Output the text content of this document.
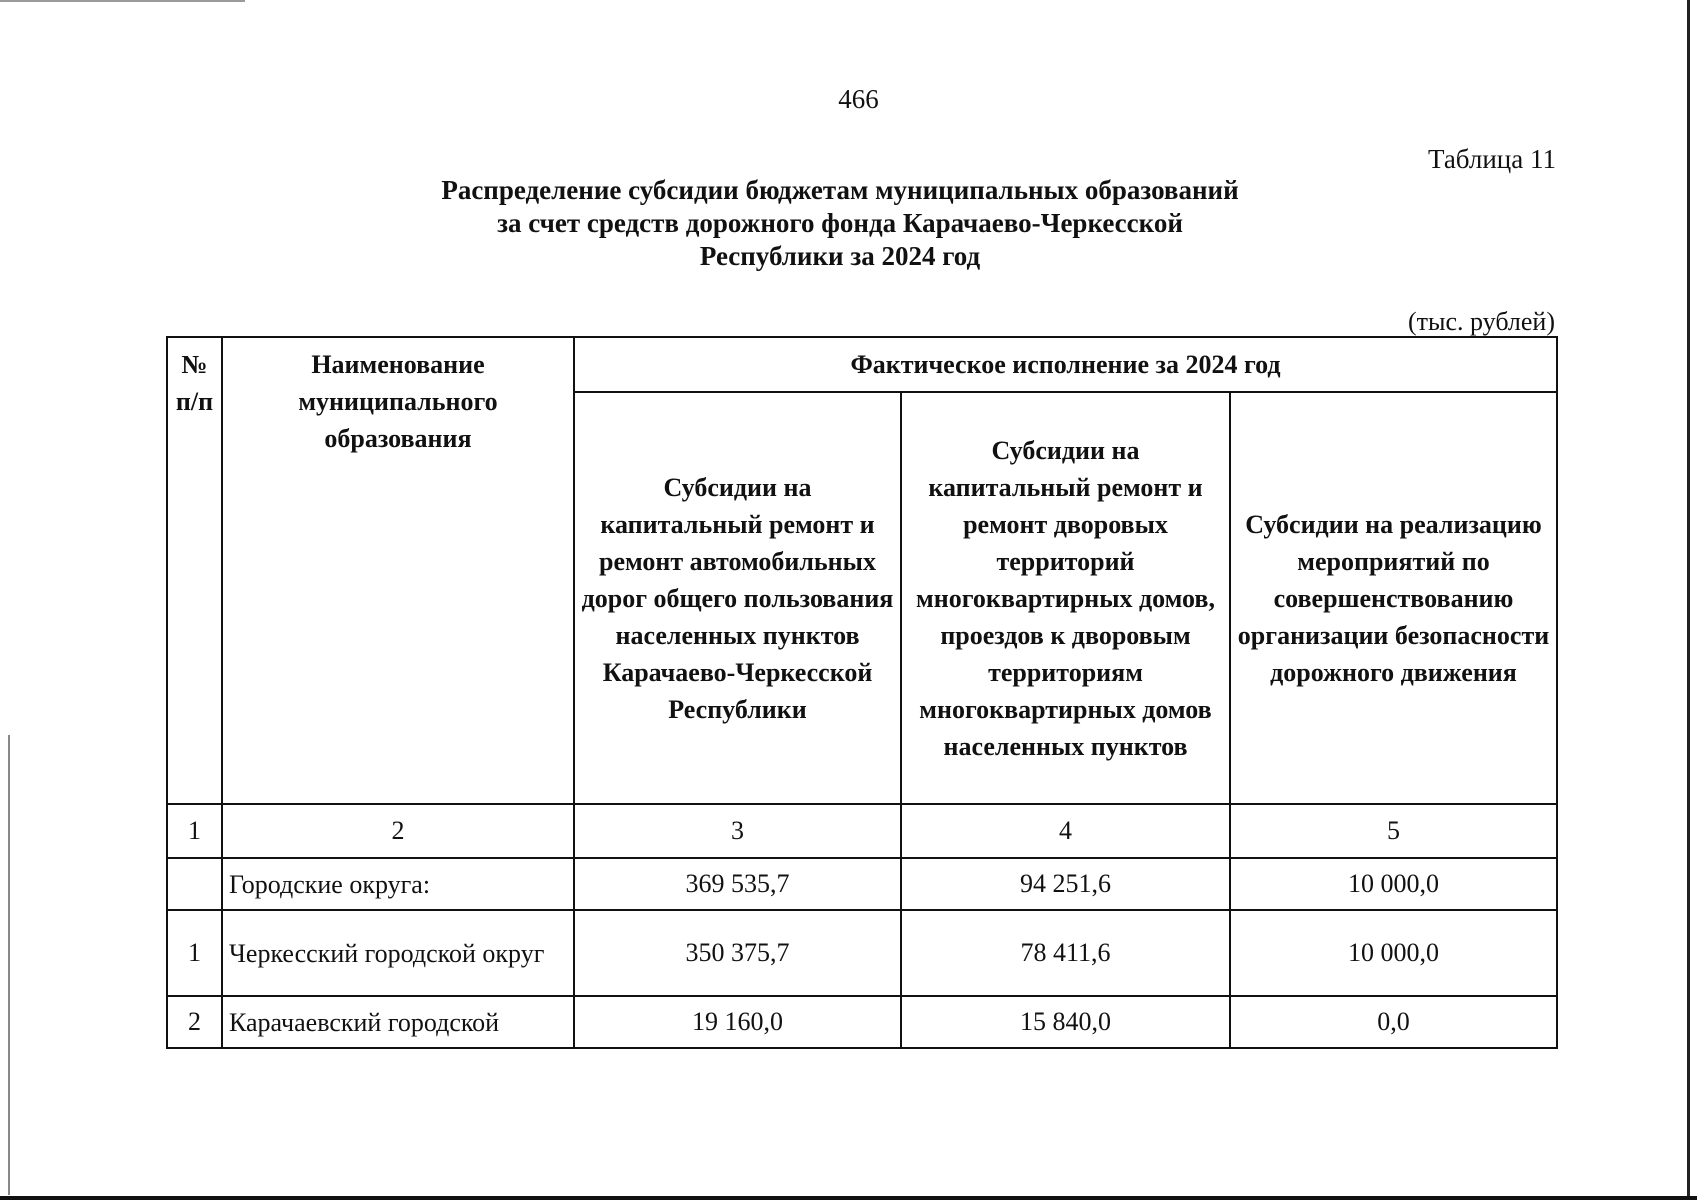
466
Таблица 11
Распределение субсидии бюджетам муниципальных образований
за счет средств дорожного фонда Карачаево-Черкесской
Республики за 2024 год
(тыс. рублей)
№ п/п	Наименование муниципального образования	Фактическое исполнение за 2024 год		
		Субсидии на капитальный ремонт и ремонт автомобильных дорог общего пользования населенных пунктов Карачаево-Черкесской Республики	Субсидии на капитальный ремонт и ремонт дворовых территорий многоквартирных домов, проездов к дворовым территориям многоквартирных домов населенных пунктов	Субсидии на реализацию мероприятий по совершенствованию организации безопасности дорожного движения
1	2	3	4	5
	Городские округа:	369 535,7	94 251,6	10 000,0
1	Черкесский городской округ	350 375,7	78 411,6	10 000,0
2	Карачаевский городской	19 160,0	15 840,0	0,0
